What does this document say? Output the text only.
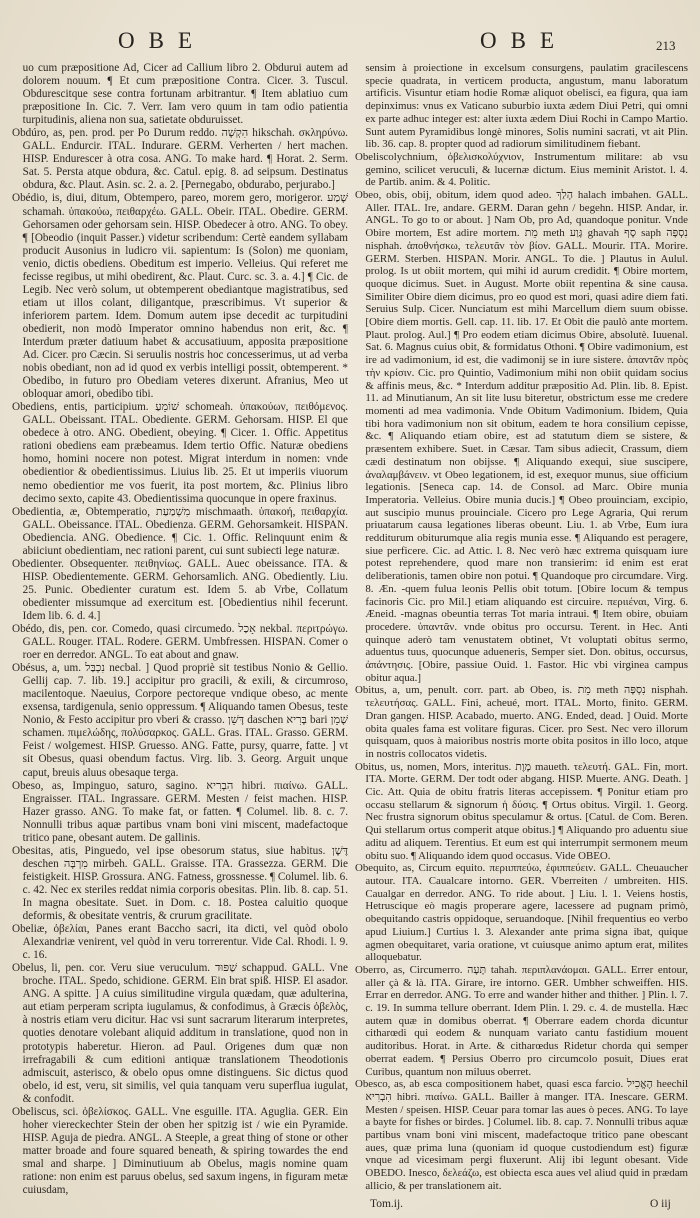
OBE	OBE	213

uo cum præpositione Ad, Cicer ad Callium libro 2. Obdurui autem ad dolorem nouum. ¶ Et cum præpositione Contra. Cicer. 3. Tuscul. Obdurescitque sese contra fortunam arbitrantur. ¶ Item ablatiuo cum præpositione In. Cic. 7. Verr. Iam vero quum in tam odio patientia turpitudinis, aliena non sua, satietate obduruisset.

Obdúro, as, pen. prod. per Po Durum reddo. הִקְשָׁה hikschah. σκληρύνω. GALL. Endurcir. ITAL. Indurare. GERM. Verherten / hert machen. HISP. Endurescer à otra cosa. ANG. To make hard. ¶ Horat. 2. Serm. Sat. 5. Persta atque obdura, &c. Catul. epig. 8. ad seipsum. Destinatus obdura, &c. Plaut. Asin. sc. 2. a. 2. [Pernegabo, obdurabo, perjurabo.]

Obédio, is, diui, ditum, Obtempero, pareo, morem gero, morigeror. שָׁמַע schamah. ὑπακούω, πειθαρχέω. GALL. Obeir. ITAL. Obedire. GERM. Gehorsamen oder gehorsam sein. HISP. Obedecer à otro. ANG. To obey. ¶ [Obeodio (inquit Passer.) videtur scribendum: Certè eandem syllabam producit Ausonius in ludicro vii. sapientum: Is (Solon) me quoniam, venio, dictis obediens. Obeditum est imperio. Velleius. Qui referet me fecisse regibus, ut mihi obedirent, &c. Plaut. Curc. sc. 3. a. 4.] ¶ Cic. de Legib. Nec verò solum, ut obtemperent obediantque magistratibus, sed etiam ut illos colant, diligantque, præscribimus. Vt superior & inferiorem partem. Idem. Domum autem ipse decedit ac turpitudini obedierit, non modò Imperator omnino habendus non erit, &c. ¶ Interdum præter datiuum habet & accusatiuum, apposita præpositione Ad. Cicer. pro Cæcin. Si seruulis nostris hoc concesserimus, ut ad verba nobis obediant, non ad id quod ex verbis intelligi possit, obtemperent. * Obedibo, in futuro pro Obediam veteres dixerunt. Afranius, Meo ut obloquar amori, obedibo tibi.

Obediens, entis, participium. שׁוֹמֵעַ schomeah. ὑπακούων, πειθόμενος. GALL. Obeissant. ITAL. Obediente. GERM. Gehorsam. HISP. El que obedece à otro. ANG. Obedient, obeying. ¶ Cicer. 1. Offic. Appetitus rationi obediens eam præbeamus. Idem tertio Offic. Naturæ obediens homo, homini nocere non potest. Migrat interdum in nomen: vnde obedientior & obedientissimus. Liuius lib. 25. Et ut imperiis viuorum nemo obedientior me vos fuerit, ita post mortem, &c. Plinius libro decimo sexto, capite 43. Obedientissima quocunque in opere fraxinus.

Obedientia, æ, Obtemperatio, מִשְׁמַעַת mischmaath. ὑπακοή, πειθαρχία. GALL. Obeissance. ITAL. Obedienza. GERM. Gehorsamkeit. HISPAN. Obediencia. ANG. Obedience. ¶ Cic. 1. Offic. Relinquunt enim & abiiciunt obedientiam, nec rationi parent, cui sunt subiecti lege naturæ.

Obedienter. Obsequenter. πειθηνίως. GALL. Auec obeissance. ITA. & HISP. Obedientemente. GERM. Gehorsamlich. ANG. Obediently. Liu. 25. Punic. Obedienter curatum est. Idem 5. ab Vrbe, Collatum obedienter missumque ad exercitum est. [Obedientius nihil fecerunt. Idem lib. 6. d. 4.]

Obédo, dis, pen. cor. Comedo, quasi circumedo. אָכַל nekbal. περιτρώγω. GALL. Rouger. ITAL. Rodere. GERM. Umbfressen. HISPAN. Comer o roer en derredor. ANGL. To eat about and gnaw.

Obésus, a, um. נִכְבַּל necbal. ] Quod propriè sit testibus Nonio & Gellio. Gellij cap. 7. lib. 19.] accipitur pro gracili, & exili, & circumroso, macilentoque. Naeuius, Corpore pectoreque vndique obeso, ac mente exsensa, tardigenula, senio oppressum. ¶ Aliquando tamen Obesus, teste Nonio, & Festo accipitur pro vberi & crasso. דָּשֵׁן daschen בָּרִיא bari שָׁמֵן schamen. πιμελώδης, πολύσαρκος. GALL. Gras. ITAL. Grasso. GERM. Feist / wolgemest. HISP. Gruesso. ANG. Fatte, pursy, quarre, fatte. ] vt sit Obesus, quasi obendum factus. Virg. lib. 3. Georg. Arguit unque caput, breuis aluus obesaque terga.

Obeso, as, Impinguo, saturo, sagino. הִבְרִיא hibri. πιαίνω. GALL. Engraisser. ITAL. Ingrassare. GERM. Mesten / feist machen. HISP. Hazer grasso. ANG. To make fat, or fatten. ¶ Columel. lib. 8. c. 7. Nonnulli tribus aquæ partibus vnam boni vini miscent, madefactoque tritico pane, obesant autem. De gallinis.

Obesitas, atis, Pinguedo, vel ipse obesorum status, siue habitus. דֶּשֶׁן deschen מִרְבָּה mirbeh. GALL. Graisse. ITA. Grassezza. GERM. Die feistigkeit. HISP. Grossura. ANG. Fatness, grossnesse. ¶ Columel. lib. 6. c. 42. Nec ex steriles reddat nimia corporis obesitas. Plin. lib. 8. cap. 51. In magna obesitate. Suet. in Dom. c. 18. Postea caluitio quoque deformis, & obesitate ventris, & crurum gracilitate.

Obeliæ, ὀβελίαι, Panes erant Baccho sacri, ita dicti, vel quòd obolo Alexandriæ venirent, vel quòd in veru torrerentur. Vide Cal. Rhodi. l. 9. c. 16.

Obelus, li, pen. cor. Veru siue veruculum. שַׁפּוּד schappud. GALL. Vne broche. ITAL. Spedo, schidione. GERM. Ein brat spiß. HISP. El asador. ANG. A spitte. ] A cuius similitudine virgula quædam, quæ adulterina, aut etiam perperam scripta iugulamus, & confodimus, à Græcis ὀβελὸς, à nostris etiam veru dicitur. Hac vsi sunt sacrarum literarum interpretes, quoties denotare volebant aliquid additum in translatione, quod non in prototypis haberetur. Hieron. ad Paul. Origenes dum quæ non irrefragabili & cum editioni antiquæ translationem Theodotionis admiscuit, asterisco, & obelo opus omne distinguens. Sic dictus quod obelo, id est, veru, sit similis, vel quia tanquam veru superflua iugulat, & confodit.

Obeliscus, sci. ὀβελίσκος. GALL. Vne esguille. ITA. Aguglia. GER. Ein hoher viereckechter Stein der oben her spitzig ist / wie ein Pyramide. HISP. Aguja de piedra. ANGL. A Steeple, a great thing of stone or other matter broade and foure squared beneath, & spiring towardes the end smal and sharpe. ] Diminutiuum ab Obelus, magis nomine quam ratione: non enim est paruus obelus, sed saxum ingens, in figuram metæ cuiusdam,

sensim à proiectione in excelsum consurgens, paulatim gracilescens specie quadrata, in verticem producta, angustum, manu laboratum artificis. Visuntur etiam hodie Romæ aliquot obelisci, ea figura, qua iam depinximus: vnus ex Vaticano suburbio iuxta ædem Diui Petri, qui omni ex parte adhuc integer est: alter iuxta ædem Diui Rochi in Campo Martio. Sunt autem Pyramidibus longè minores, Solis numini sacrati, vt ait Plin. lib. 36. cap. 8. propter quod ad radiorum similitudinem fiebant.

Obeliscolychnium, ὀβελισκολύχνιον, Instrumentum militare: ab vsu gemino, scilicet veruculi, & lucernæ dictum. Eius meminit Aristot. l. 4. de Partib. anim. & 4. Politic.

Obeo, obis, obij, obitum, idem quod adeo. הָלַךְ halach imbahen. GALL. Aller. ITAL. Ire, andare. GERM. Daran gehn / begehn. HISP. Andar, ir. ANGL. To go to or about. ] Nam Ob, pro Ad, quandoque ponitur. Vnde Obire mortem, Est adire mortem. מֵת meth גָּוַע ghavah סָף saph נִסְפָּה nisphah. ἀποθνήσκω, τελευτᾶν τὸν βίον. GALL. Mourir. ITA. Morire. GERM. Sterben. HISPAN. Morir. ANGL. To die. ] Plautus in Aulul. prolog. Is ut obiit mortem, qui mihi id aurum credidit. ¶ Obire mortem, quoque dicimus. Suet. in August. Morte obiit repentina & sine causa. Similiter Obire diem dicimus, pro eo quod est mori, quasi adire diem fati. Seruius Sulp. Cicer. Nunciatum est mihi Marcellum diem suum obisse. [Obire diem mortis. Gell. cap. 11. lib. 17. Et Obit die paulò ante mortem. Plaut. prolog. Aul.] ¶ Pro eodem etiam dicimus Obire, absolutè. Iuuenal. Sat. 6. Magnus cuius obit, & formidatus Othoni. ¶ Obire vadimonium, est ire ad vadimonium, id est, die vadimonij se in iure sistere. ἀπαντᾶν πρὸς τὴν κρίσιν. Cic. pro Quintio, Vadimonium mihi non obiit quidam socius & affinis meus, &c. * Interdum additur præpositio Ad. Plin. lib. 8. Epist. 11. ad Minutianum, An sit lite lusu biteretur, obstrictum esse me credere momenti ad mea vadimonia. Vnde Obitum Vadimonium. Ibidem, Quia tibi hora vadimonium non sit obitum, eadem te hora consilium cepisse, &c. ¶ Aliquando etiam obire, est ad statutum diem se sistere, & præsentem exhibere. Suet. in Cæsar. Tam sibus adiecit, Crassum, diem cædi destinatum non obijsse. ¶ Aliquando exequi, siue suscipere, ἀναλαμβάνειν. vt Obeo legationem, id est, exequor munus, siue officium legationis. [Seneca cap. 14. de Consol. ad Marc. Obire munia Imperatoria. Velleius. Obire munia ducis.] ¶ Obeo prouinciam, excipio, aut suscipio munus prouinciale. Cicero pro Lege Agraria, Qui rerum priuatarum causa legationes liberas obeunt. Liu. 1. ab Vrbe, Eum iura redditurum obiturumque alia regis munia esse. ¶ Aliquando est peragere, siue perficere. Cic. ad Attic. l. 8. Nec verò hæc extrema quisquam iure potest reprehendere, quod mare non transierim: id enim est erat deliberationis, tamen obire non potui. ¶ Quandoque pro circumdare. Virg. 8. Æn. -quem fulua leonis Pellis obit totum. [Obire locum & tempus facinoris Cic. pro Mil.] etiam aliquando est circuire. περιιέναι, Virg. 6. Æneid. -magnas obeuntia terras Tot maria intraui. ¶ Item obire, obuiam procedere. ὑπαντᾶν. vnde obitus pro occursu. Terent. in Hec. Anti quinque aderò tam venustatem obtinet, Vt voluptati obitus sermo, aduentus tuus, quocunque adueneris, Semper siet. Don. obitus, occursus, ἀπάντησις. [Obire, passiue Ouid. 1. Fastor. Hic vbi virginea campus obitur aqua.]

Obitus, a, um, penult. corr. part. ab Obeo, is. מֵת meth נִסְפָּה nisphah. τελευτήσας. GALL. Fini, acheué, mort. ITAL. Morto, finito. GERM. Dran gangen. HISP. Acabado, muerto. ANG. Ended, dead. ] Ouid. Morte obita quales fama est volitare figuras. Cicer. pro Sest. Nec vero illorum quisquam, quos à maioribus nostris morte obita positos in illo loco, atque in nostris collocatos videtis.

Obitus, us, nomen, Mors, interitus. מָוֶת maueth. τελευτή. GAL. Fin, mort. ITA. Morte. GERM. Der todt oder abgang. HISP. Muerte. ANG. Death. ] Cic. Att. Quia de obitu fratris literas accepissem. ¶ Ponitur etiam pro occasu stellarum & signorum ἡ δύσις. ¶ Ortus obitus. Virgil. 1. Georg. Nec frustra signorum obitus speculamur & ortus. [Catul. de Com. Beren. Qui stellarum ortus comperit atque obitus.] ¶ Aliquando pro aduentu siue aditu ad aliquem. Terentius. Et eum est qui interrumpit sermonem meum obitu suo. ¶ Aliquando idem quod occasus. Vide OBEO.

Obequito, as, Circum equito. περιιππεύω, ἐφιππεύειν. GALL. Cheuaucher autour. ITA. Caualcare intorno. GER. Vberreiten / umbreiten. HIS. Caualgar en derredor. ANG. To ride about. ] Liu. l. 1. Veiens hostis, Hetruscique eò magis properare agere, lacessere ad pugnam primò, obequitando castris oppidoque, seruandoque. [Nihil frequentius eo verbo apud Liuium.] Curtius l. 3. Alexander ante prima signa ibat, quique agmen obequitaret, varia oratione, vt cuiusque animo aptum erat, milites alloquebatur.

Oberro, as, Circumerro. תָּעָה tahah. περιπλανάομαι. GALL. Errer entour, aller çà & là. ITA. Girare, ire intorno. GER. Umbher schweiffen. HIS. Errar en derredor. ANG. To erre and wander hither and thither. ] Plin. l. 7. c. 19. In summa tellure oberrant. Idem Plin. l. 29. c. 4. de mustella. Hæc autem quæ in domibus oberrat. ¶ Oberrare eadem chorda dicuntur citharœdi qui eodem & nunquam variato cantu fastidium mouent auditoribus. Horat. in Arte. & citharœdus Ridetur chorda qui semper oberrat eadem. ¶ Persius Oberro pro circumcolo posuit, Diues erat Curibus, quantum non miluus oberret.

Obesco, as, ab esca compositionem habet, quasi esca farcio. הֶאֱכִיל heechil הִבְרִיא hibri. πιαίνω. GALL. Bailler à manger. ITA. Inescare. GERM. Mesten / speisen. HISP. Ceuar para tomar las aues ò peces. ANG. To laye a bayte for fishes or birdes. ] Columel. lib. 8. cap. 7. Nonnulli tribus aquæ partibus vnam boni vini miscent, madefactoque tritico pane obescant aues, quæ prima luna (quoniam id quoque custodiendum est) figuræ vnque ad vicesimam pergi fluxerunt. Alij ibi legunt obesant. Vide OBEDO. Inesco, δελεάζω, est obiecta esca aues vel aliud quid in prædam allicio, & per translationem ait.

Tom.ij.	O iij
